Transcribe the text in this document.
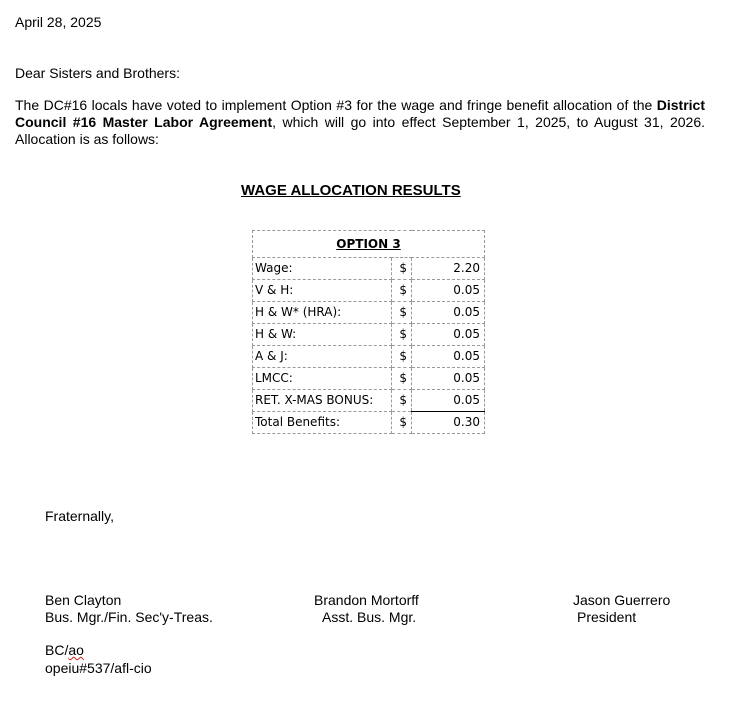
April 28, 2025
Dear Sisters and Brothers:
The DC#16 locals have voted to implement Option #3 for the wage and fringe benefit allocation of the District Council #16 Master Labor Agreement, which will go into effect September 1, 2025, to August 31, 2026. Allocation is as follows:
WAGE ALLOCATION RESULTS
OPTION 3		
Wage:	$	2.20
V & H:	$	0.05
H & W* (HRA):	$	0.05
H & W:	$	0.05
A & J:	$	0.05
LMCC:	$	0.05
RET. X-MAS BONUS:	$	0.05
Total Benefits:	$	0.30
Fraternally,
Ben Clayton
Bus. Mgr./Fin. Sec'y-Treas.
Brandon Mortorff
Asst. Bus. Mgr.
Jason Guerrero
President
BC/ao
opeiu#537/afl-cio
